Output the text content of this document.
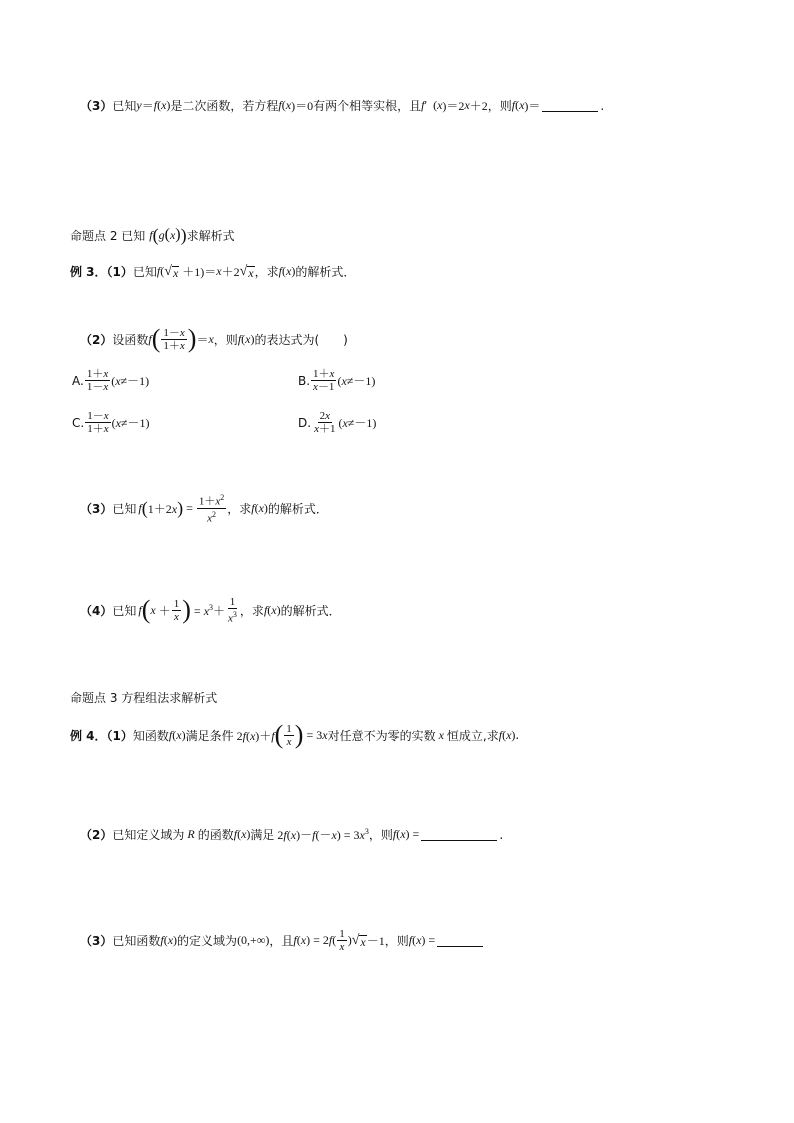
（3） 已知 y ＝ f ( x ) 是二次函数，若方程 f ( x )＝0 有两个相等实根，且 f ′  ( x )＝2 x ＋2 ，则 f ( x )＝	.
命题点 2 已知 f ( g ( x ) ) 求解析式
例 3．（1） 已知 f ( √ x ＋1)＝ x ＋2 √ x ，求 f ( x ) 的解析式．
（2） 设函数 f ( $\frac{1-x}{1+x}$ ) ＝ x ，则 f ( x ) 的表达式为(　　)
A. $\frac{1+x}{1-x} (x\ne-1)$	B. $\frac{1+x}{x-1} (x\ne-1)$
C. $\frac{1-x}{1+x} (x\ne-1)$	D. $\frac{2x}{x+1} (x\ne-1)$
（3） 已知 f ( 1＋2x ) = $\frac{1+x^2}{x^2}$ ，求 f ( x ) 的解析式．
（4） 已知 f ( $x + \frac{1}{x}$ ) = $x^3+ \frac{1}{x^3}$ ，求 f ( x ) 的解析式．
命题点 3 方程组法求解析式
例 4．（1） 知函数 f ( x ) 满足条件 2f(x)＋f ( $\frac{1}{x}$ ) = 3x 对任意不为零的实数 x 恒成立,求 f ( x ) .
（2） 已知定义域为 R 的函数 f ( x ) 满足 $2f(x)-f(-x) = 3x^3$ ，则 f ( x ) =	.
（3） 已知函数 f ( x ) 的定义域为 (0,+∞) ，且 $f(x) = 2f( \frac{1}{x}$ ) √ x －1 ，则 f ( x ) =
